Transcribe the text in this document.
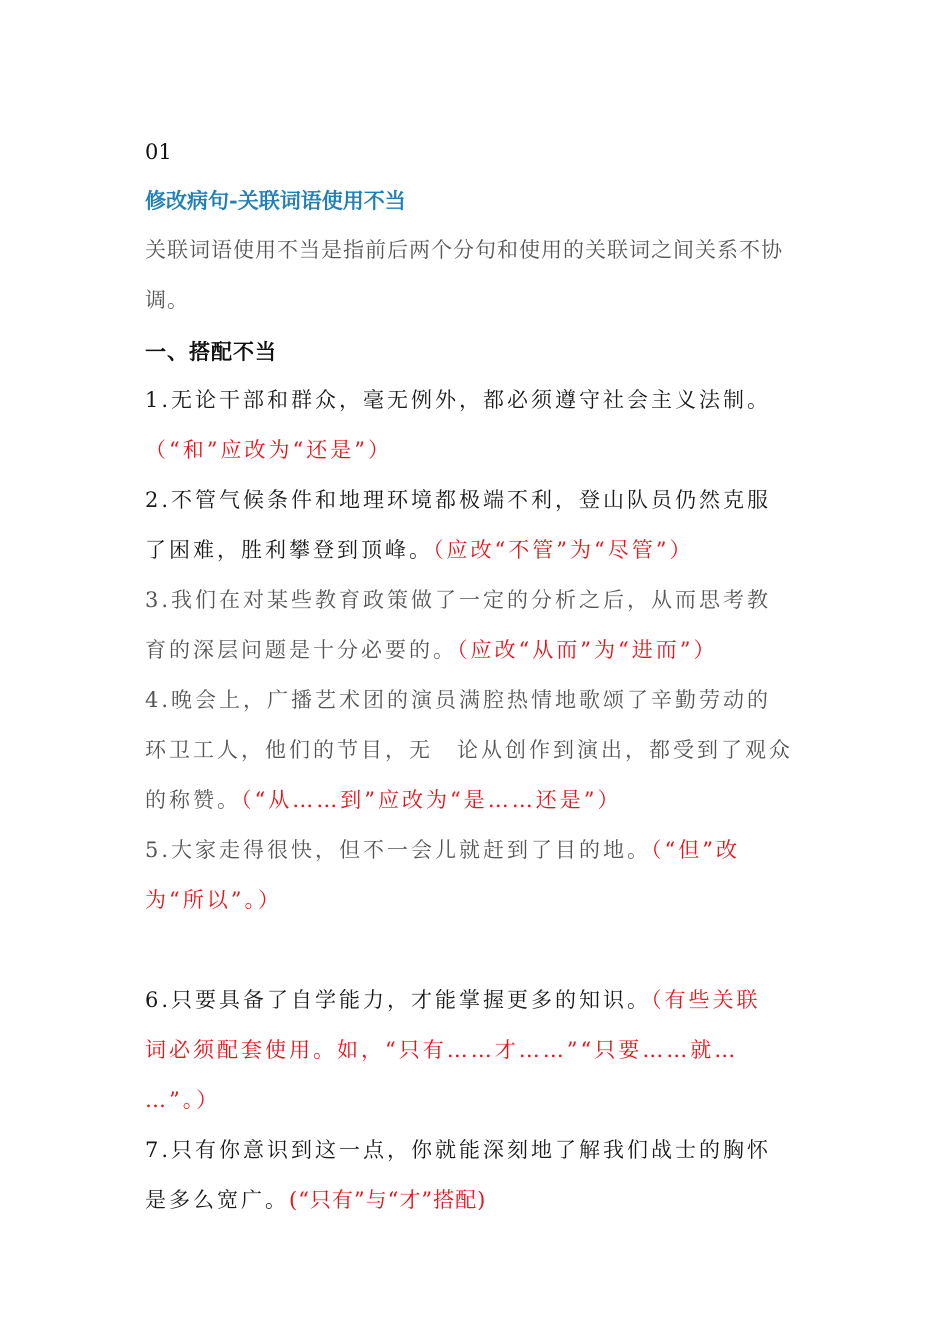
01
修改病句-关联词语使用不当
关联词语使用不当是指前后两个分句和使用的关联词之间关系不协
调。
一、搭配不当
1.无论干部和群众，毫无例外，都必须遵守社会主义法制。
（“和”应改为“还是”）
2.不管气候条件和地理环境都极端不利，登山队员仍然克服
了困难，胜利攀登到顶峰。（应改“不管”为“尽管”）
3.我们在对某些教育政策做了一定的分析之后，从而思考教
育的深层问题是十分必要的。（应改“从而”为“进而”）
4.晚会上，广播艺术团的演员满腔热情地歌颂了辛勤劳动的
环卫工人，他们的节目，无　论从创作到演出，都受到了观众
的称赞。（“从……到”应改为“是……还是”）
5.大家走得很快，但不一会儿就赶到了目的地。（“但”改
为“所以”。）
6.只要具备了自学能力，才能掌握更多的知识。（有些关联
词必须配套使用。如，“只有……才……”“只要……就…
…”。）
7.只有你意识到这一点，你就能深刻地了解我们战士的胸怀
是多么宽广。(“只有”与“才”搭配)
